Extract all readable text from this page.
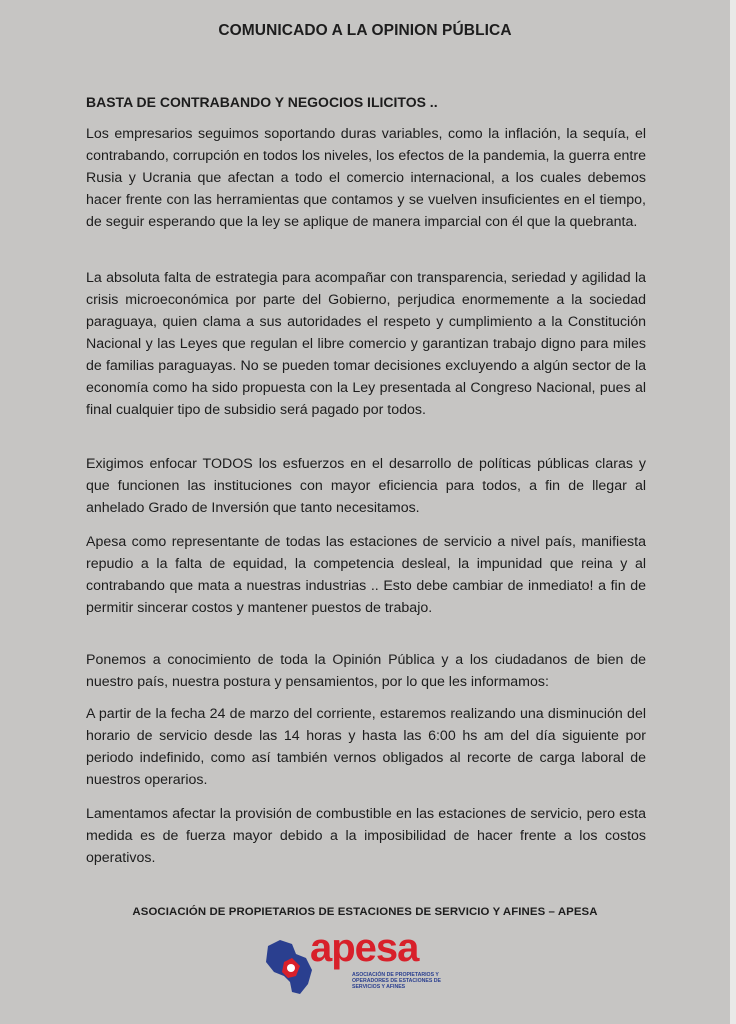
COMUNICADO A LA OPINION PÚBLICA
BASTA DE CONTRABANDO Y NEGOCIOS ILICITOS ..

Los empresarios seguimos soportando duras variables, como la inflación, la sequía, el contrabando, corrupción en todos los niveles, los efectos de la pandemia, la guerra entre Rusia y Ucrania que afectan a todo el comercio internacional, a los cuales debemos hacer frente con las herramientas que contamos y se vuelven insuficientes en el tiempo, de seguir esperando que la ley se aplique de manera imparcial con él que la quebranta.

La absoluta falta de estrategia para acompañar con transparencia, seriedad y agilidad la crisis microeconómica por parte del Gobierno, perjudica enormemente a la sociedad paraguaya, quien clama a sus autoridades el respeto y cumplimiento a la Constitución Nacional y las Leyes que regulan el libre comercio y garantizan trabajo digno para miles de familias paraguayas. No se pueden tomar decisiones excluyendo a algún sector de la economía como ha sido propuesta con la Ley presentada al Congreso Nacional, pues al final cualquier tipo de subsidio será pagado por todos.

Exigimos enfocar TODOS los esfuerzos en el desarrollo de políticas públicas claras y que funcionen las instituciones con mayor eficiencia para todos, a fin de llegar al anhelado Grado de Inversión que tanto necesitamos.

Apesa como representante de todas las estaciones de servicio a nivel país, manifiesta repudio a la falta de equidad, la competencia desleal, la impunidad que reina y al contrabando que mata a nuestras industrias .. Esto debe cambiar de inmediato! a fin de permitir sincerar costos y mantener puestos de trabajo.

Ponemos a conocimiento de toda la Opinión Pública y a los ciudadanos de bien de nuestro país, nuestra postura y pensamientos, por lo que les informamos:

A partir de la fecha 24 de marzo del corriente, estaremos realizando una disminución del horario de servicio desde las 14 horas y hasta las 6:00 hs am del día siguiente por periodo indefinido, como así también vernos obligados al recorte de carga laboral de nuestros operarios.

Lamentamos afectar la provisión de combustible en las estaciones de servicio, pero esta medida es de fuerza mayor debido a la imposibilidad de hacer frente a los costos operativos.

ASOCIACIÓN DE PROPIETARIOS DE ESTACIONES DE SERVICIO Y AFINES – APESA

apesa

ASOCIACIÓN DE PROPIETARIOS Y OPERADORES DE ESTACIONES DE SERVICIOS Y AFINES
